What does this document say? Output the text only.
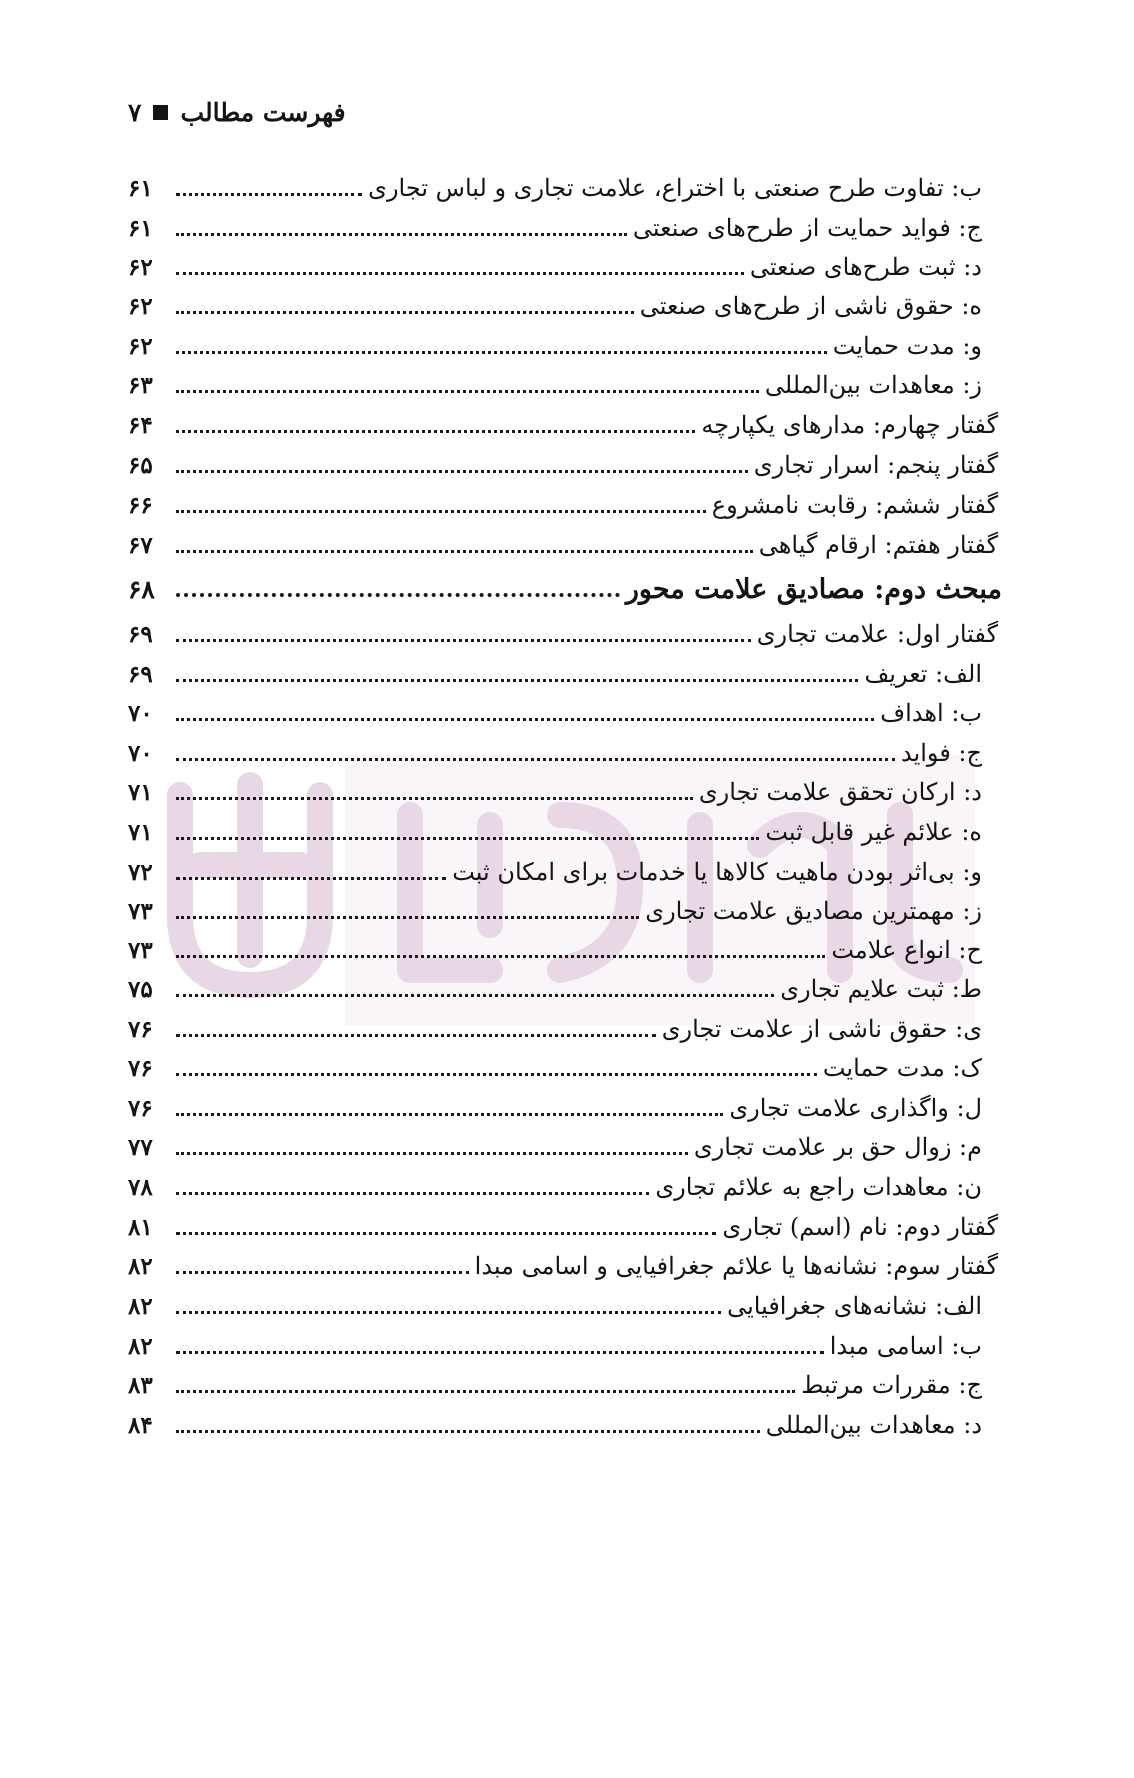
۷ فهرست مطالب
۶۱	ب: تفاوت طرح صنعتی با اختراع، علامت تجاری و لباس تجاری
۶۱	ج: فواید حمایت از طرح‌های صنعتی
۶۲	د: ثبت طرح‌های صنعتی
۶۲	ه: حقوق ناشی از طرح‌های صنعتی
۶۲	و: مدت حمایت
۶۳	ز: معاهدات بین‌المللی
۶۴	گفتار چهارم: مدارهای یکپارچه
۶۵	گفتار پنجم: اسرار تجاری
۶۶	گفتار ششم: رقابت نامشروع
۶۷	گفتار هفتم: ارقام گیاهی
۶۸	مبحث دوم: مصادیق علامت محور
۶۹	گفتار اول: علامت تجاری
۶۹	الف: تعریف
۷۰	ب: اهداف
۷۰	ج: فواید
۷۱	د: ارکان تحقق علامت تجاری
۷۱	ه: علائم غیر قابل ثبت
۷۲	و: بی‌اثر بودن ماهیت کالاها یا خدمات برای امکان ثبت
۷۳	ز: مهمترین مصادیق علامت تجاری
۷۳	ح: انواع علامت
۷۵	ط: ثبت علایم تجاری
۷۶	ی: حقوق ناشی از علامت تجاری
۷۶	ک: مدت حمایت
۷۶	ل: واگذاری علامت تجاری
۷۷	م: زوال حق بر علامت تجاری
۷۸	ن: معاهدات راجع به علائم تجاری
۸۱	گفتار دوم: نام (اسم) تجاری
۸۲	گفتار سوم: نشانه‌ها یا علائم جغرافیایی و اسامی مبدا
۸۲	الف: نشانه‌های جغرافیایی
۸۲	ب: اسامی مبدا
۸۳	ج: مقررات مرتبط
۸۴	د: معاهدات بین‌المللی
